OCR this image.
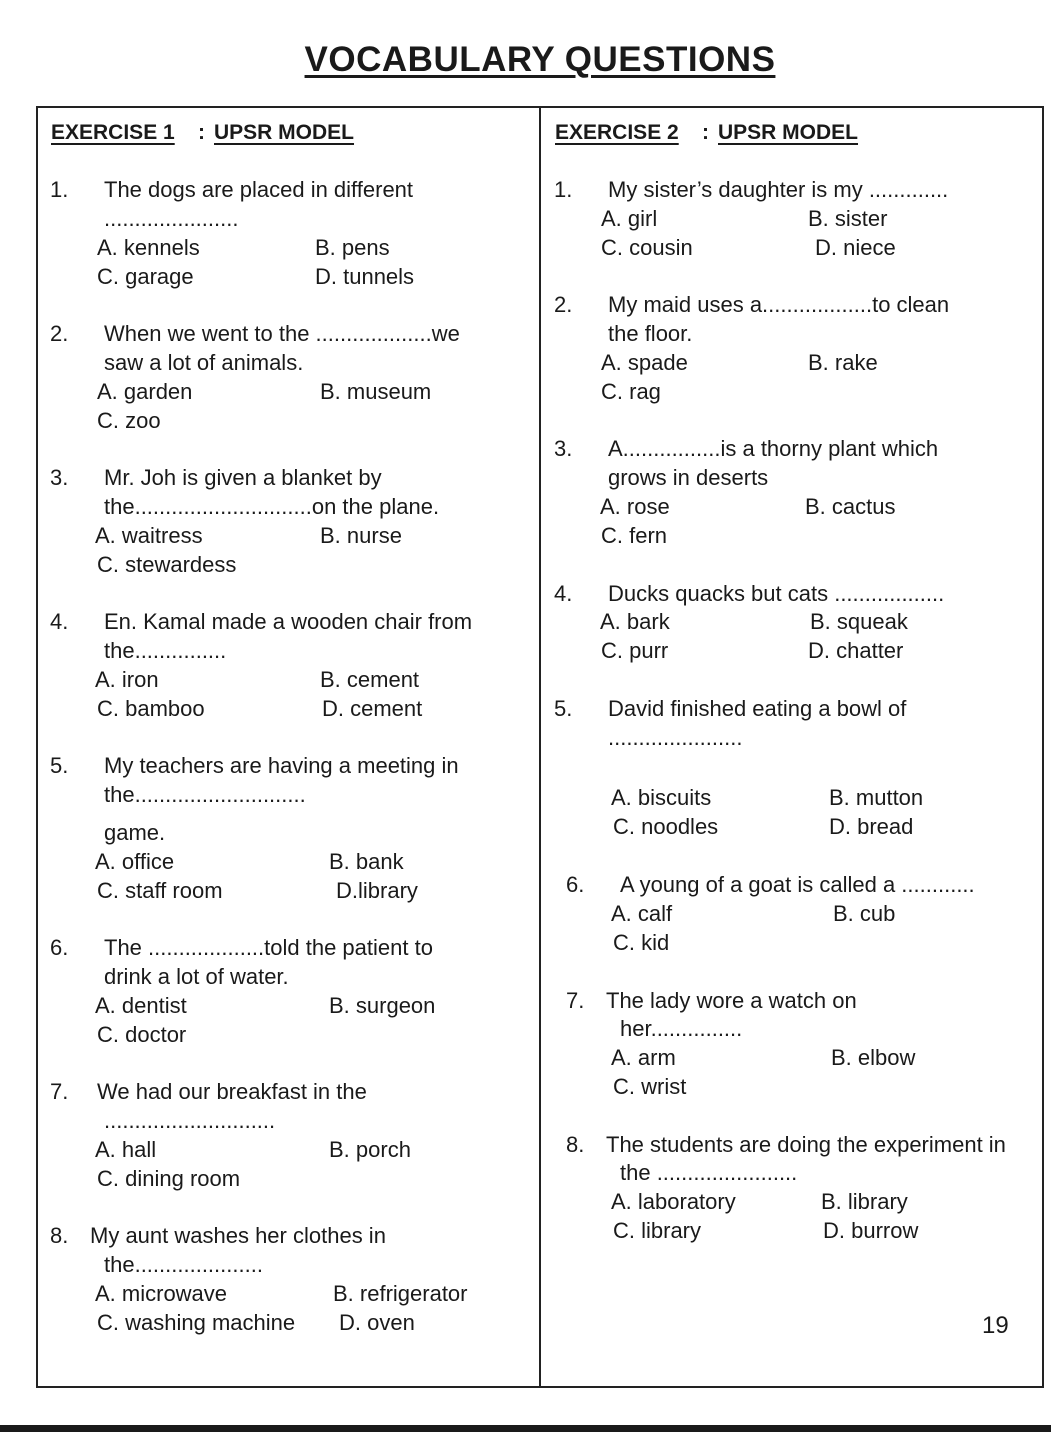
VOCABULARY QUESTIONS
EXERCISE 1 : UPSR MODEL
1. The dogs are placed in different
......................
A. kennels	B. pens
C. garage	D. tunnels
2. When we went to the ...................we
saw a lot of animals.
A. garden	B. museum
C. zoo
3. Mr. Joh is given a blanket by
the.............................on the plane.
A. waitress	B. nurse
C. stewardess
4. En. Kamal made a wooden chair from
the...............
A. iron	B. cement
C. bamboo	D. cement
5. My teachers are having a meeting in
the............................
game.
A. office	B. bank
C. staff room	D.library
6. The ...................told the patient to
drink a lot of water.
A. dentist	B. surgeon
C. doctor
7. We had our breakfast in the
............................
A. hall	B. porch
C. dining room
8. My aunt washes her clothes in
the.....................
A. microwave	B. refrigerator
C. washing machine D. oven
EXERCISE 2 : UPSR MODEL
1. My sister’s daughter is my .............
A. girl	B. sister
C. cousin	D. niece
2. My maid uses a..................to clean
the floor.
A. spade	B. rake
C. rag
3. A................is a thorny plant which
grows in deserts
A. rose	B. cactus
C. fern
4. Ducks quacks but cats ..................
A. bark	B. squeak
C. purr	D. chatter
5. David finished eating a bowl of
......................
A. biscuits	B. mutton
C. noodles	D. bread
6. A young of a goat is called a ............
A. calf	B. cub
C. kid
7. The lady wore a watch on
her...............
A. arm	B. elbow
C. wrist
8. The students are doing the experiment in
the .......................
A. laboratory	B. library
C. library	D. burrow
19
